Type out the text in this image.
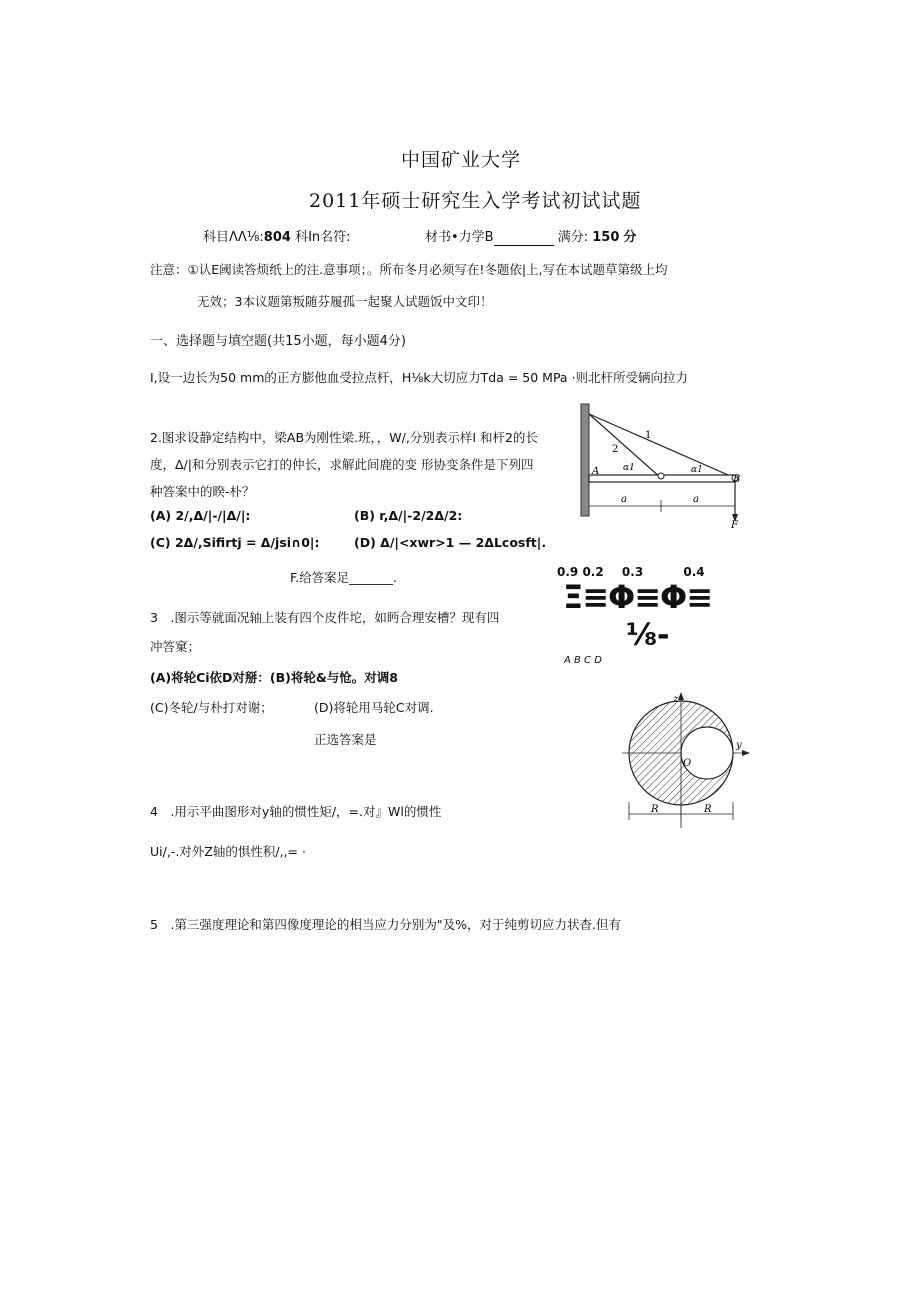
中国矿业大学
2011年硕士研究生入学考试初试试题
科目ΛΛ⅛:804 科In名符:	材书•力学B	满分: 150 分
注意：①认E阈读答烦纸上的注.意事项；。所布冬月必须写在!冬题依|上,写在本试题草第级上均
无效；3本议题第叛随芬履孤一起聚人试题饭中文印！
一、选择题与填空题(共15小题，每小题4分)
I,设一边长为50 mm的正方膨他血受拉点杆，H⅛k大切应力Tda = 50 MPa ·则北杆所受辆向拉力
2.图求设静定结构中，梁AB为刚性梁.班，，W/,分别表示样I 和杆2的长
度，Δ/|和分别表示它打的仲长，求解此间鹿的变 形协变条件是下列四
种答案中的睽-朴？
(A) 2/,Δ/|-/|Δ/|:	(B) r,Δ/|-2/2Δ/2:
(C) 2Δ/,Sifirtj = Δ/jsi∩0|:	(D) Δ/|<xwr>1 — 2ΔLcosft|.
F.给答案足_______.
1
2
α1	α1
A
B
F
a	a
0.9 0.2 0.3	0.4
Ξ≡Φ≡Φ≡
⅛-
A B C D
3　.图示等就面况轴上装有四个皮件坨，如眄合理安槽？现有四
冲答窠；
(A)将轮Ci依D对掰：(B)将轮&与怆。对调8
(C)冬轮/与朴打对谢；	(D)将轮用马轮C对调.
正选答案是
z
y
O
R	R
4　.用示平曲图形对y轴的惯性矩/，=.对』Wl的惯性
Ui/,-.对外Z轴的惧性积/,,= ·
5　.第三强度理论和第四像度理论的相当应力分别为"及%，对于纯剪切应力状杳.但有
